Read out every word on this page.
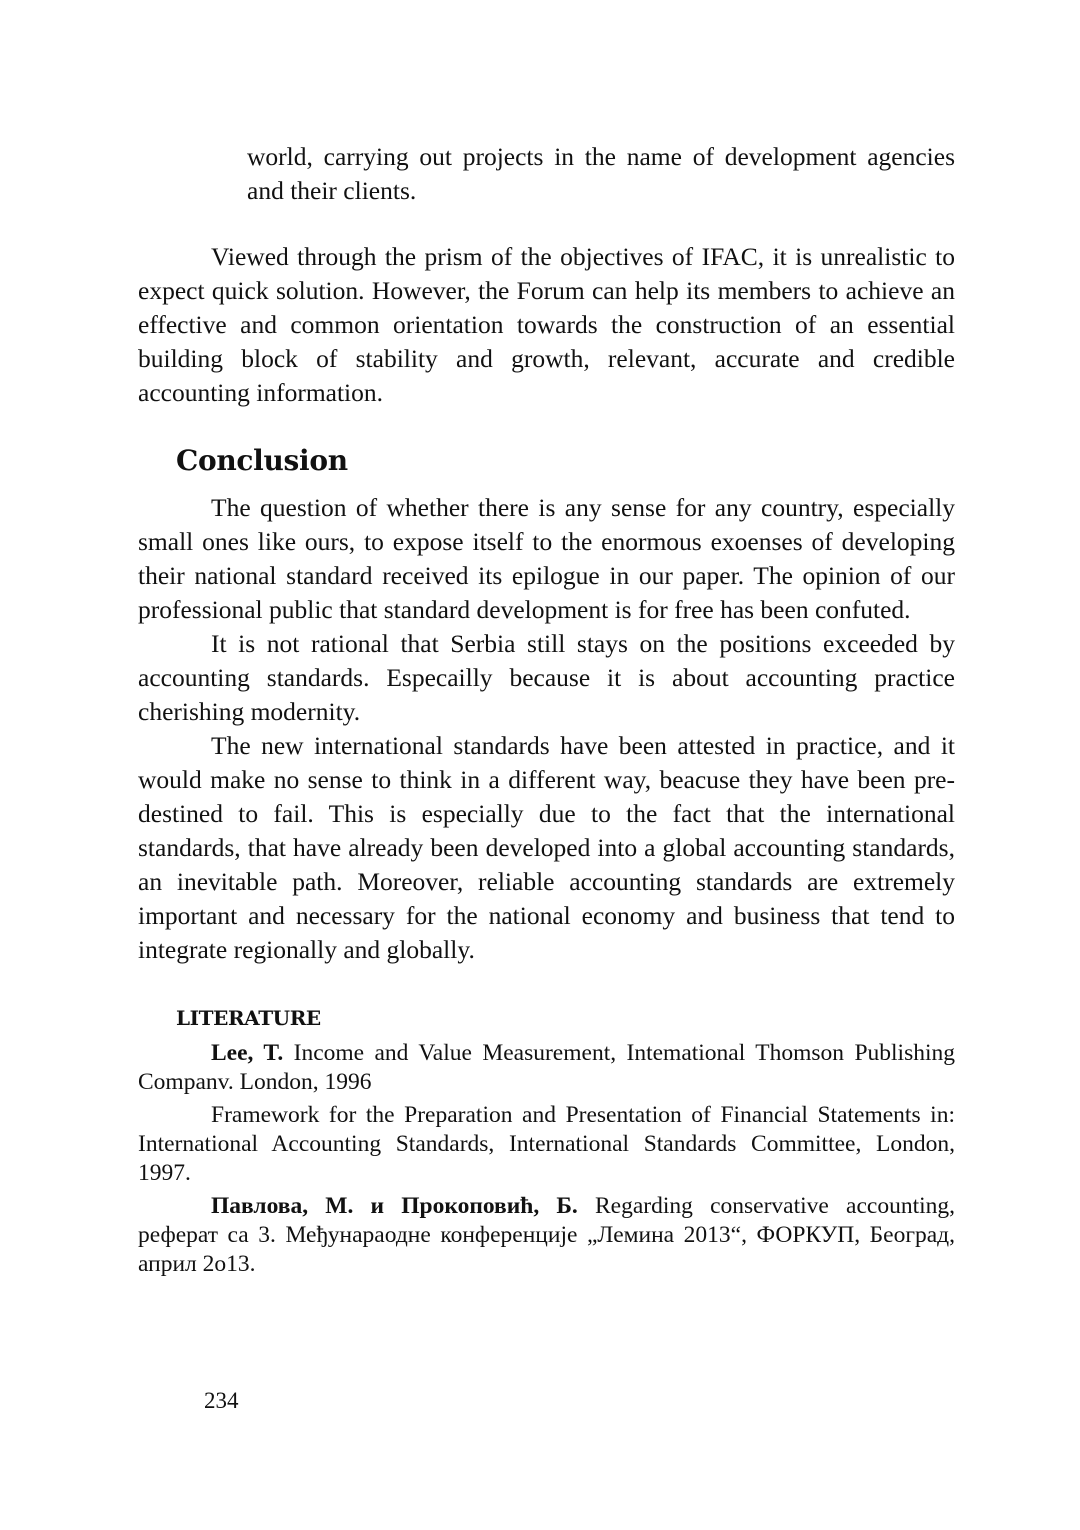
world, carrying out projects in the name of development agencies and their clients.

Viewed through the prism of the objectives of IFAC, it is unrealistic to expect quick solution. However, the Forum can help its members to achieve an effective and common orientation towards the construction of an essential building block of stability and growth, relevant, accurate and credible accounting information.

Conclusion

The question of whether there is any sense for any country, especially small ones like ours, to expose itself to the enormous exoenses of developing their national standard received its epilogue in our paper. The opinion of our professional public that standard development is for free has been confuted.

It is not rational that Serbia still stays on the positions exceeded by accounting standards. Especailly because it is about accounting practice cherishing modernity.

The new international standards have been attested in practice, and it would make no sense to think in a different way, beacuse they have been pre-destined to fail. This is especially due to the fact that the international standards, that have already been developed into a global accounting standards, an inevitable path. Moreover, reliable accounting standards are extremely important and necessary for the national economy and business that tend to integrate regionally and globally.

LITERATURE

Lee, T. Income and Value Measurement, Intemational Thomson Publishing Companv. London, 1996

Framework for the Preparation and Presentation of Financial Statements in: International Accounting Standards, International Standards Committee, London, 1997.

Павлова, М. и Прокоповић, Б. Regarding conservative accounting, реферат са 3. Међунараодне конференције „Лемина 2013“, ФОРКУП, Београд, април 2о13.

234
